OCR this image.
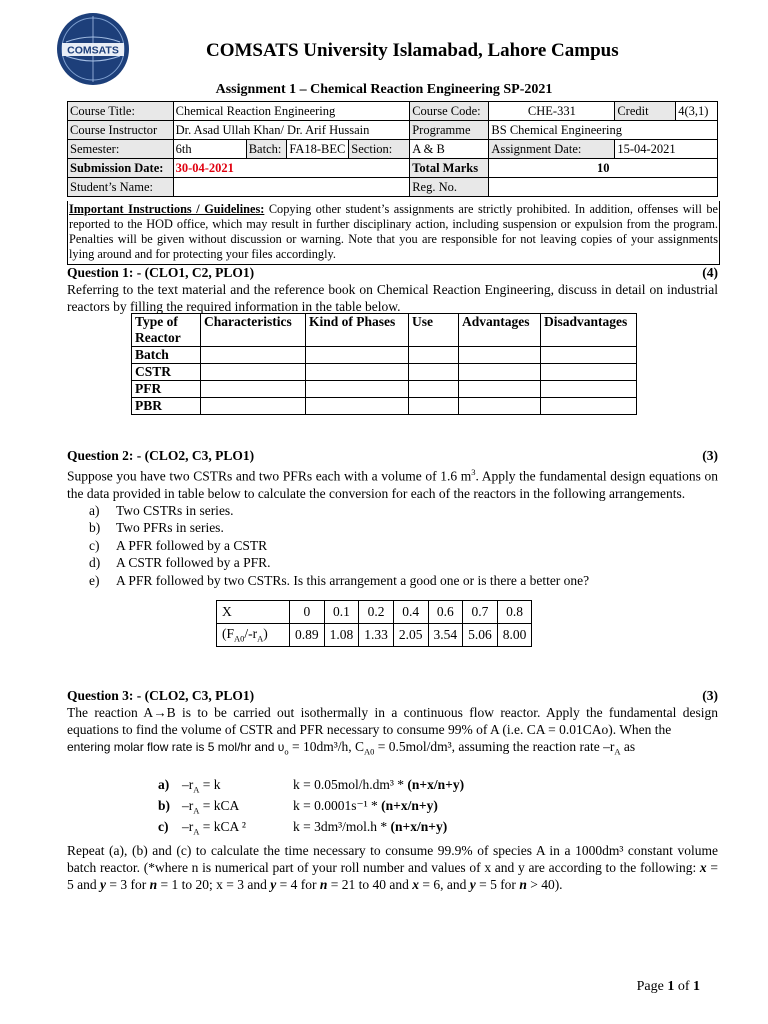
COMSATS	COMSATS University Islamabad, Lahore Campus
Assignment 1 – Chemical Reaction Engineering SP-2021
Course Title:	Chemical Reaction Engineering				Course Code:	CHE-331	Credit	4(3,1)
Course Instructor	Dr. Asad Ullah Khan/ Dr. Arif Hussain				Programme	BS Chemical Engineering		
Semester:	6th	Batch:	FA18-BEC	Section:	A & B	Assignment Date:	15-04-2021	
Submission Date:	30-04-2021				Total Marks	10		
Student’s Name:					Reg. No.			
Important Instructions / Guidelines: Copying other student’s assignments are strictly prohibited. In addition, offenses will be reported to the HOD office, which may result in further disciplinary action, including suspension or expulsion from the program. Penalties will be given without discussion or warning. Note that you are responsible for not leaving copies of your assignments lying around and for protecting your files accordingly.
Question 1: - (CLO1, C2, PLO1)	(4)
Referring to the text material and the reference book on Chemical Reaction Engineering, discuss in detail on industrial reactors by filling the required information in the table below.
Type of Reactor	Characteristics	Kind of Phases	Use	Advantages	Disadvantages
Batch					
CSTR					
PFR					
PBR					
Question 2: - (CLO2, C3, PLO1)	(3)
Suppose you have two CSTRs and two PFRs each with a volume of 1.6 $m^3$. Apply the fundamental design equations on the data provided in table below to calculate the conversion for each of the reactors in the following arrangements.
a) Two CSTRs in series.
b) Two PFRs in series.
c) A PFR followed by a CSTR
d) A CSTR followed by a PFR.
e) A PFR followed by two CSTRs. Is this arrangement a good one or is there a better one?
X	0	0.1	0.2	0.4	0.6	0.7	0.8
$(F_{A0}/-r_A)$	0.89	1.08	1.33	2.05	3.54	5.06	8.00
Question 3: - (CLO2, C3, PLO1)	(3)
The reaction A→B is to be carried out isothermally in a continuous flow reactor. Apply the fundamental design equations to find the volume of CSTR and PFR necessary to consume 99% of A (i.e. CA = 0.01CAo). When the
entering molar flow rate is 5 mol/hr and $\upsilon_o = 10dm^3/h$, $C_{A0} = 0.5mol/dm^3$, assuming the reaction rate $-r_A$ as
a) $-r_A = k$	k = 0.05mol/h.dm³ * (n+x/n+y)
b) $-r_A$ = kCA	k = 0.0001s⁻¹ * (n+x/n+y)
c)	$-r_A$ = kCA ²	k = 3dm³/mol.h * (n+x/n+y)
Repeat (a), (b) and (c) to calculate the time necessary to consume 99.9% of species A in a 1000dm³ constant volume batch reactor. (*where n is numerical part of your roll number and values of x and y are according to the following: x = 5 and y = 3 for n = 1 to 20; x = 3 and y = 4 for n = 21 to 40 and x = 6, and y = 5 for n > 40).
Page 1 of 1
